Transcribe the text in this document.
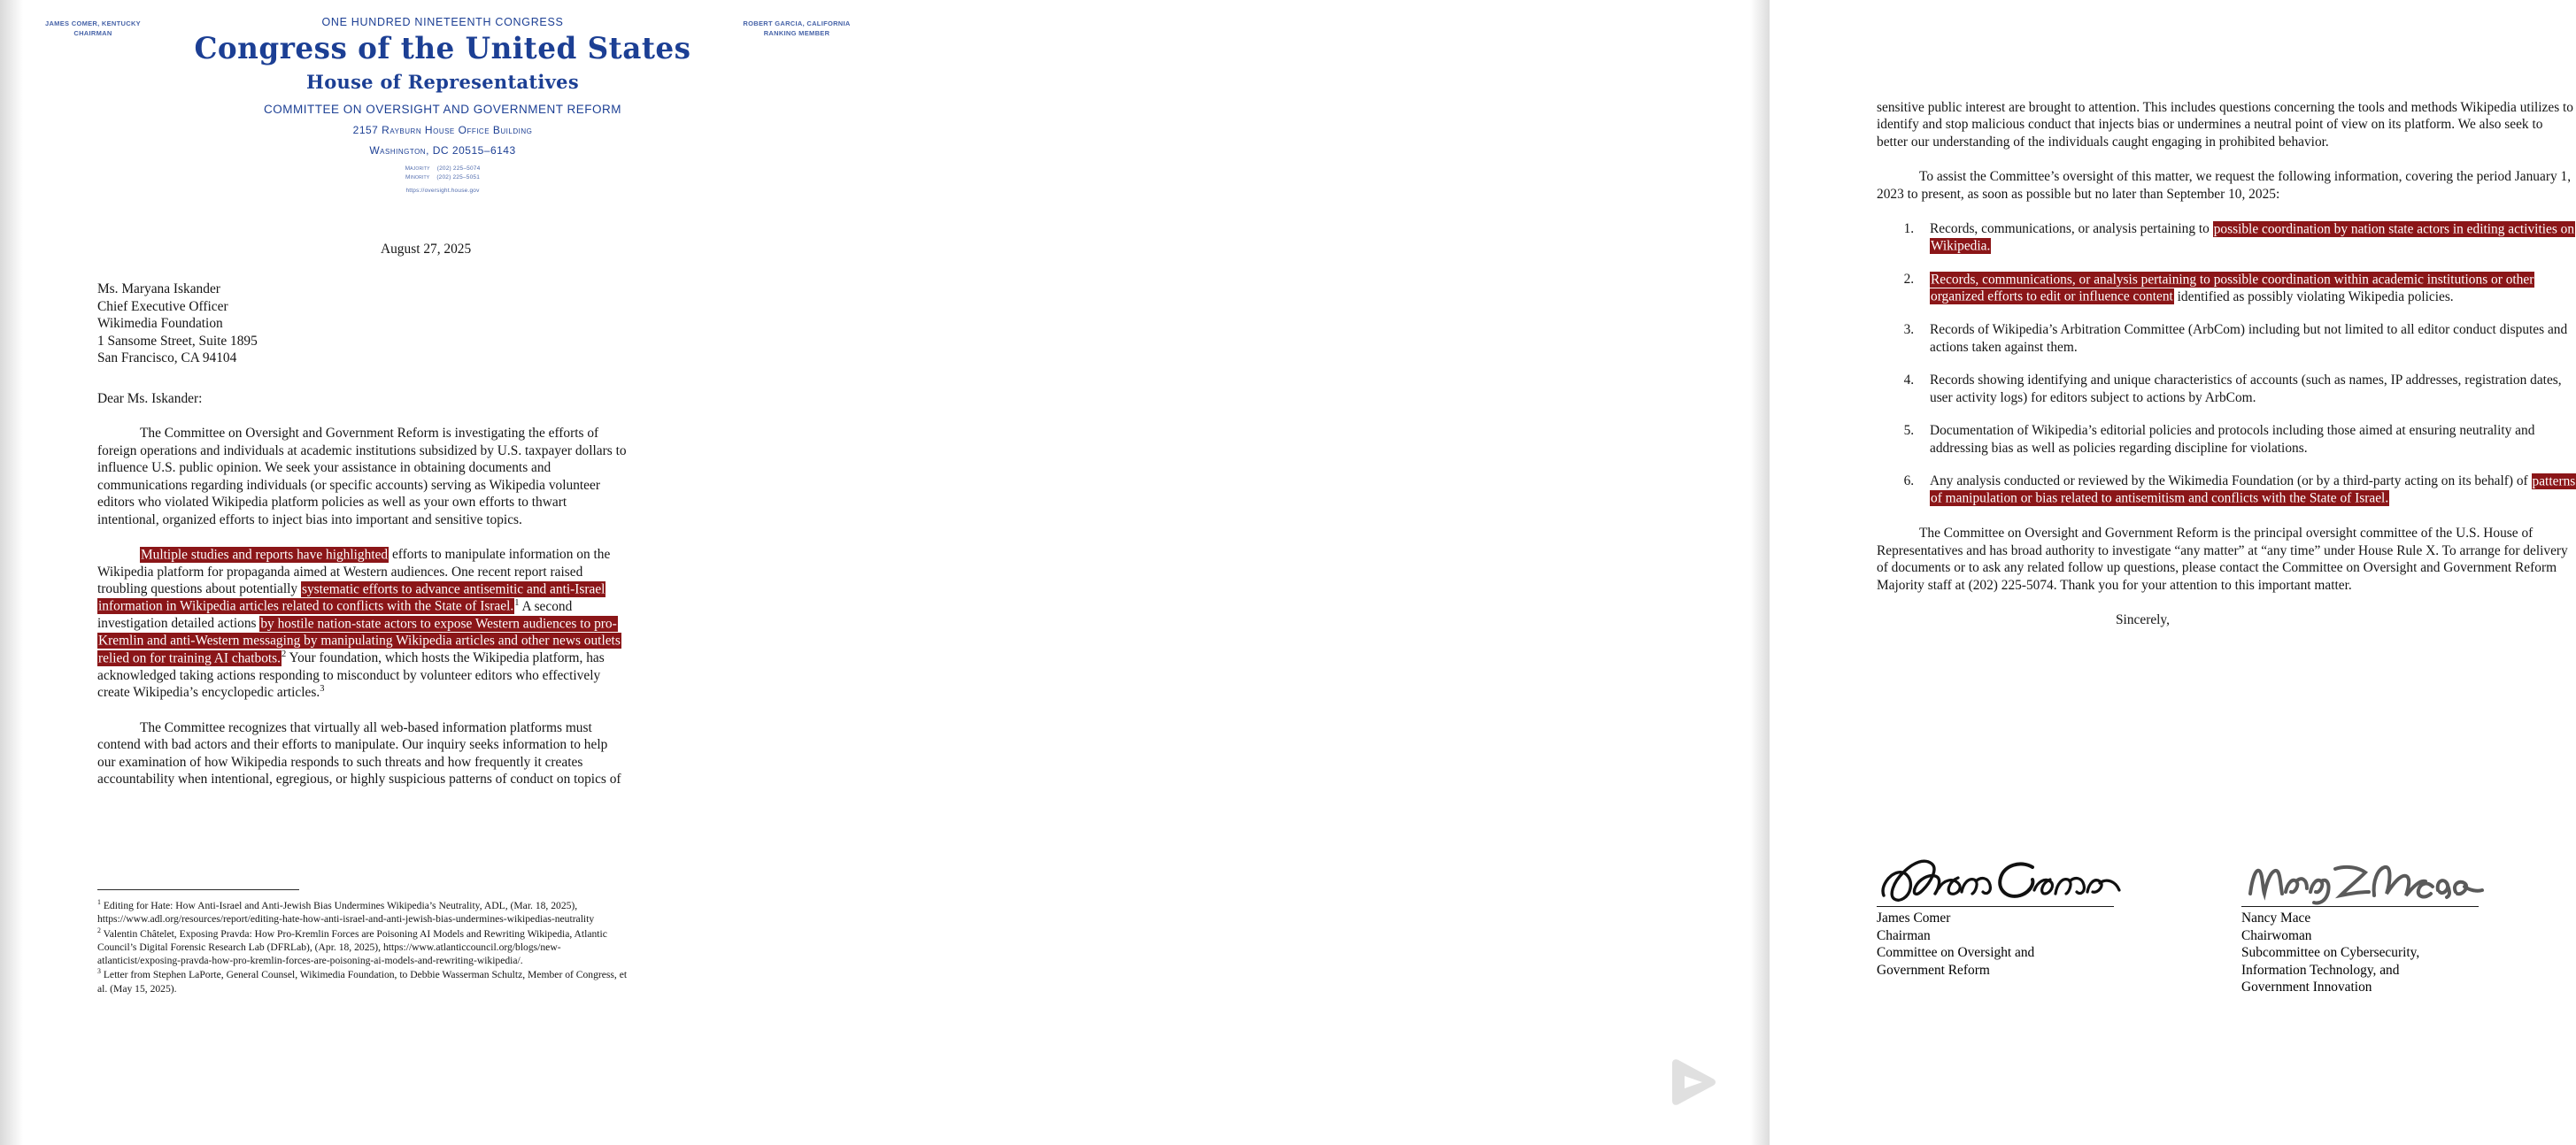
JAMES COMER, KENTUCKY
CHAIRMAN
ROBERT GARCIA, CALIFORNIA
RANKING MEMBER
ONE HUNDRED NINETEENTH CONGRESS
Congress of the United States
House of Representatives
COMMITTEE ON OVERSIGHT AND GOVERNMENT REFORM
2157 Rayburn House Office Building
Washington, DC 20515–6143
Majority (202) 225–5074
Minority (202) 225–5051
https://oversight.house.gov
August 27, 2025
Ms. Maryana Iskander
Chief Executive Officer
Wikimedia Foundation
1 Sansome Street, Suite 1895
San Francisco, CA 94104
Dear Ms. Iskander:

The Committee on Oversight and Government Reform is investigating the efforts of foreign operations and individuals at academic institutions subsidized by U.S. taxpayer dollars to influence U.S. public opinion. We seek your assistance in obtaining documents and communications regarding individuals (or specific accounts) serving as Wikipedia volunteer editors who violated Wikipedia platform policies as well as your own efforts to thwart intentional, organized efforts to inject bias into important and sensitive topics.

Multiple studies and reports have highlighted efforts to manipulate information on the Wikipedia platform for propaganda aimed at Western audiences. One recent report raised troubling questions about potentially systematic efforts to advance antisemitic and anti-Israel information in Wikipedia articles related to conflicts with the State of Israel.$^1$ A second investigation detailed actions by hostile nation-state actors to expose Western audiences to pro-Kremlin and anti-Western messaging by manipulating Wikipedia articles and other news outlets relied on for training AI chatbots.$^2$ Your foundation, which hosts the Wikipedia platform, has acknowledged taking actions responding to misconduct by volunteer editors who effectively create Wikipedia’s encyclopedic articles.$^3$

The Committee recognizes that virtually all web-based information platforms must contend with bad actors and their efforts to manipulate. Our inquiry seeks information to help our examination of how Wikipedia responds to such threats and how frequently it creates accountability when intentional, egregious, or highly suspicious patterns of conduct on topics of

$^1$ Editing for Hate: How Anti-Israel and Anti-Jewish Bias Undermines Wikipedia’s Neutrality, ADL, (Mar. 18, 2025), https://www.adl.org/resources/report/editing-hate-how-anti-israel-and-anti-jewish-bias-undermines-wikipedias-neutrality
$^2$ Valentin Châtelet, Exposing Pravda: How Pro-Kremlin Forces are Poisoning AI Models and Rewriting Wikipedia, Atlantic Council’s Digital Forensic Research Lab (DFRLab), (Apr. 18, 2025), https://www.atlanticcouncil.org/blogs/new-atlanticist/exposing-pravda-how-pro-kremlin-forces-are-poisoning-ai-models-and-rewriting-wikipedia/.
$^3$ Letter from Stephen LaPorte, General Counsel, Wikimedia Foundation, to Debbie Wasserman Schultz, Member of Congress, et al. (May 15, 2025).

sensitive public interest are brought to attention. This includes questions concerning the tools and methods Wikipedia utilizes to identify and stop malicious conduct that injects bias or undermines a neutral point of view on its platform. We also seek to better our understanding of the individuals caught engaging in prohibited behavior.

To assist the Committee’s oversight of this matter, we request the following information, covering the period January 1, 2023 to present, as soon as possible but no later than September 10, 2025:

1. Records, communications, or analysis pertaining to possible coordination by nation state actors in editing activities on Wikipedia.
2. Records, communications, or analysis pertaining to possible coordination within academic institutions or other organized efforts to edit or influence content identified as possibly violating Wikipedia policies.
3. Records of Wikipedia’s Arbitration Committee (ArbCom) including but not limited to all editor conduct disputes and actions taken against them.
4. Records showing identifying and unique characteristics of accounts (such as names, IP addresses, registration dates, user activity logs) for editors subject to actions by ArbCom.
5. Documentation of Wikipedia’s editorial policies and protocols including those aimed at ensuring neutrality and addressing bias as well as policies regarding discipline for violations.
6. Any analysis conducted or reviewed by the Wikimedia Foundation (or by a third-party acting on its behalf) of patterns of manipulation or bias related to antisemitism and conflicts with the State of Israel.

The Committee on Oversight and Government Reform is the principal oversight committee of the U.S. House of Representatives and has broad authority to investigate “any matter” at “any time” under House Rule X. To arrange for delivery of documents or to ask any related follow up questions, please contact the Committee on Oversight and Government Reform Majority staff at (202) 225-5074. Thank you for your attention to this important matter.

Sincerely,
James Comer
Chairman
Committee on Oversight and
Government Reform
Nancy Mace
Chairwoman
Subcommittee on Cybersecurity,
Information Technology, and
Government Innovation
